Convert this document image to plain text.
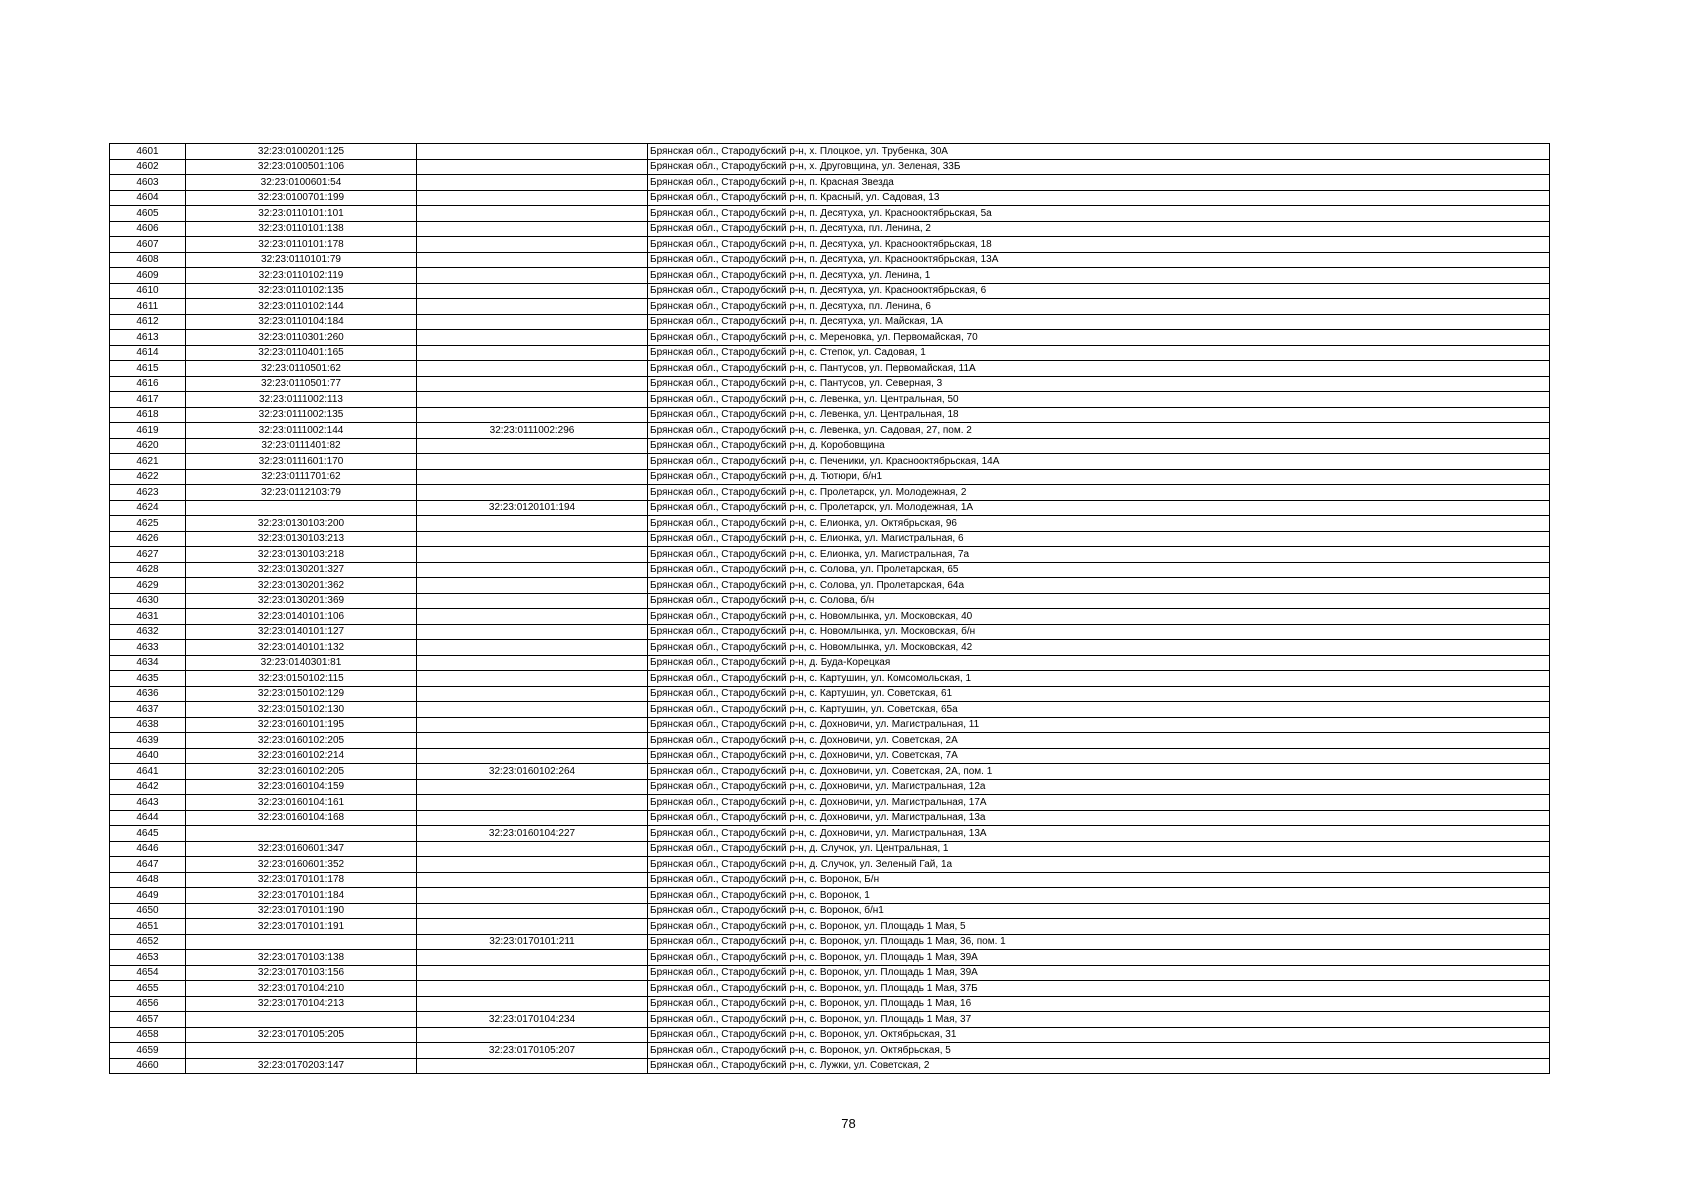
4601	32:23:0100201:125		Брянская обл., Стародубский р-н, х. Плоцкое, ул. Трубенка, 30А
4602	32:23:0100501:106		Брянская обл., Стародубский р-н, х. Друговщина, ул. Зеленая, 33Б
4603	32:23:0100601:54		Брянская обл., Стародубский р-н, п. Красная Звезда
4604	32:23:0100701:199		Брянская обл., Стародубский р-н, п. Красный, ул. Садовая, 13
4605	32:23:0110101:101		Брянская обл., Стародубский р-н, п. Десятуха, ул. Краснооктябрьская, 5а
4606	32:23:0110101:138		Брянская обл., Стародубский р-н, п. Десятуха, пл. Ленина, 2
4607	32:23:0110101:178		Брянская обл., Стародубский р-н, п. Десятуха, ул. Краснооктябрьская, 18
4608	32:23:0110101:79		Брянская обл., Стародубский р-н, п. Десятуха, ул. Краснооктябрьская, 13А
4609	32:23:0110102:119		Брянская обл., Стародубский р-н, п. Десятуха, ул. Ленина, 1
4610	32:23:0110102:135		Брянская обл., Стародубский р-н, п. Десятуха, ул. Краснооктябрьская, 6
4611	32:23:0110102:144		Брянская обл., Стародубский р-н, п. Десятуха, пл. Ленина, 6
4612	32:23:0110104:184		Брянская обл., Стародубский р-н, п. Десятуха, ул. Майская, 1А
4613	32:23:0110301:260		Брянская обл., Стародубский р-н, с. Мереновка, ул. Первомайская, 70
4614	32:23:0110401:165		Брянская обл., Стародубский р-н, с. Степок, ул. Садовая, 1
4615	32:23:0110501:62		Брянская обл., Стародубский р-н, с. Пантусов, ул. Первомайская, 11А
4616	32:23:0110501:77		Брянская обл., Стародубский р-н, с. Пантусов, ул. Северная, 3
4617	32:23:0111002:113		Брянская обл., Стародубский р-н, с. Левенка, ул. Центральная, 50
4618	32:23:0111002:135		Брянская обл., Стародубский р-н, с. Левенка, ул. Центральная, 18
4619	32:23:0111002:144	32:23:0111002:296	Брянская обл., Стародубский р-н, с. Левенка, ул. Садовая, 27, пом. 2
4620	32:23:0111401:82		Брянская обл., Стародубский р-н, д. Коробовщина
4621	32:23:0111601:170		Брянская обл., Стародубский р-н, с. Печеники, ул. Краснооктябрьская, 14А
4622	32:23:0111701:62		Брянская обл., Стародубский р-н, д. Тютюри, б/н1
4623	32:23:0112103:79		Брянская обл., Стародубский р-н, с. Пролетарск, ул. Молодежная, 2
4624		32:23:0120101:194	Брянская обл., Стародубский р-н, с. Пролетарск, ул. Молодежная, 1А
4625	32:23:0130103:200		Брянская обл., Стародубский р-н, с. Елионка, ул. Октябрьская, 96
4626	32:23:0130103:213		Брянская обл., Стародубский р-н, с. Елионка, ул. Магистральная, 6
4627	32:23:0130103:218		Брянская обл., Стародубский р-н, с. Елионка, ул. Магистральная, 7а
4628	32:23:0130201:327		Брянская обл., Стародубский р-н, с. Солова, ул. Пролетарская, 65
4629	32:23:0130201:362		Брянская обл., Стародубский р-н, с. Солова, ул. Пролетарская, 64а
4630	32:23:0130201:369		Брянская обл., Стародубский р-н, с. Солова, б/н
4631	32:23:0140101:106		Брянская обл., Стародубский р-н, с. Новомлынка, ул. Московская, 40
4632	32:23:0140101:127		Брянская обл., Стародубский р-н, с. Новомлынка, ул. Московская, б/н
4633	32:23:0140101:132		Брянская обл., Стародубский р-н, с. Новомлынка, ул. Московская, 42
4634	32:23:0140301:81		Брянская обл., Стародубский р-н, д. Буда-Корецкая
4635	32:23:0150102:115		Брянская обл., Стародубский р-н, с. Картушин, ул. Комсомольская, 1
4636	32:23:0150102:129		Брянская обл., Стародубский р-н, с. Картушин, ул. Советская, 61
4637	32:23:0150102:130		Брянская обл., Стародубский р-н, с. Картушин, ул. Советская, 65а
4638	32:23:0160101:195		Брянская обл., Стародубский р-н, с. Дохновичи, ул. Магистральная, 11
4639	32:23:0160102:205		Брянская обл., Стародубский р-н, с. Дохновичи, ул. Советская, 2А
4640	32:23:0160102:214		Брянская обл., Стародубский р-н, с. Дохновичи, ул. Советская, 7А
4641	32:23:0160102:205	32:23:0160102:264	Брянская обл., Стародубский р-н, с. Дохновичи, ул. Советская, 2А, пом. 1
4642	32:23:0160104:159		Брянская обл., Стародубский р-н, с. Дохновичи, ул. Магистральная, 12а
4643	32:23:0160104:161		Брянская обл., Стародубский р-н, с. Дохновичи, ул. Магистральная, 17А
4644	32:23:0160104:168		Брянская обл., Стародубский р-н, с. Дохновичи, ул. Магистральная, 13а
4645		32:23:0160104:227	Брянская обл., Стародубский р-н, с. Дохновичи, ул. Магистральная, 13А
4646	32:23:0160601:347		Брянская обл., Стародубский р-н, д. Случок, ул. Центральная, 1
4647	32:23:0160601:352		Брянская обл., Стародубский р-н, д. Случок, ул. Зеленый Гай, 1а
4648	32:23:0170101:178		Брянская обл., Стародубский р-н, с. Воронок, Б/н
4649	32:23:0170101:184		Брянская обл., Стародубский р-н, с. Воронок, 1
4650	32:23:0170101:190		Брянская обл., Стародубский р-н, с. Воронок, б/н1
4651	32:23:0170101:191		Брянская обл., Стародубский р-н, с. Воронок, ул. Площадь 1 Мая, 5
4652		32:23:0170101:211	Брянская обл., Стародубский р-н, с. Воронок, ул. Площадь 1 Мая, 36, пом. 1
4653	32:23:0170103:138		Брянская обл., Стародубский р-н, с. Воронок, ул. Площадь 1 Мая, 39А
4654	32:23:0170103:156		Брянская обл., Стародубский р-н, с. Воронок, ул. Площадь 1 Мая, 39А
4655	32:23:0170104:210		Брянская обл., Стародубский р-н, с. Воронок, ул. Площадь 1 Мая, 37Б
4656	32:23:0170104:213		Брянская обл., Стародубский р-н, с. Воронок, ул. Площадь 1 Мая, 16
4657		32:23:0170104:234	Брянская обл., Стародубский р-н, с. Воронок, ул. Площадь 1 Мая, 37
4658	32:23:0170105:205		Брянская обл., Стародубский р-н, с. Воронок, ул. Октябрьская, 31
4659		32:23:0170105:207	Брянская обл., Стародубский р-н, с. Воронок, ул. Октябрьская, 5
4660	32:23:0170203:147		Брянская обл., Стародубский р-н, с. Лужки, ул. Советская, 2
78
